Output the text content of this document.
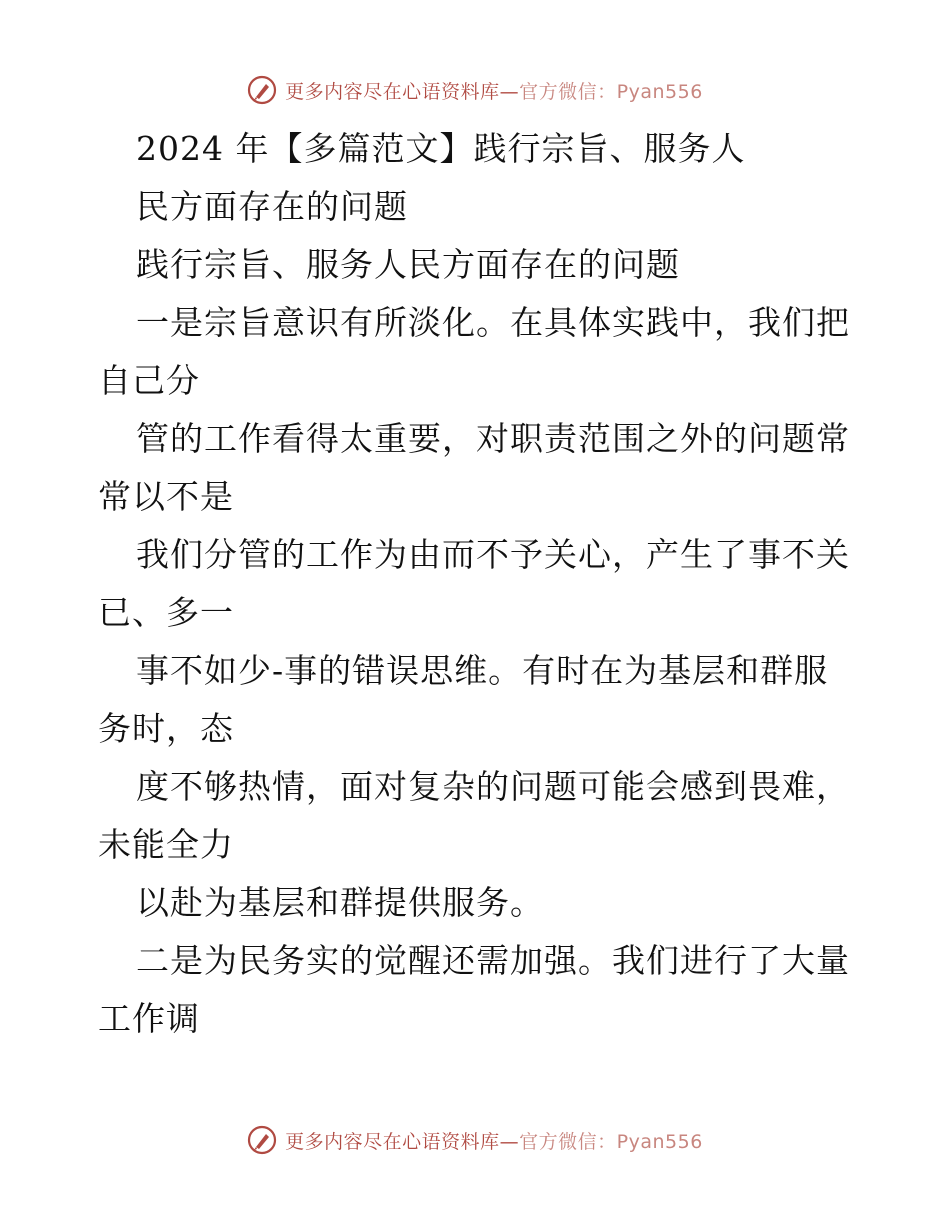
更多内容尽在心语资料库—官方微信：Pyan556
2024 年【多篇范文】践行宗旨、服务人
民方面存在的问题
践行宗旨、服务人民方面存在的问题
一是宗旨意识有所淡化。在具体实践中，我们把
自己分
管的工作看得太重要，对职责范围之外的问题常
常以不是
我们分管的工作为由而不予关心，产生了事不关
已、多一
事不如少-事的错误思维。有时在为基层和群服
务时，态
度不够热情，面对复杂的问题可能会感到畏难，
未能全力
以赴为基层和群提供服务。
二是为民务实的觉醒还需加强。我们进行了大量
工作调
更多内容尽在心语资料库—官方微信：Pyan556
